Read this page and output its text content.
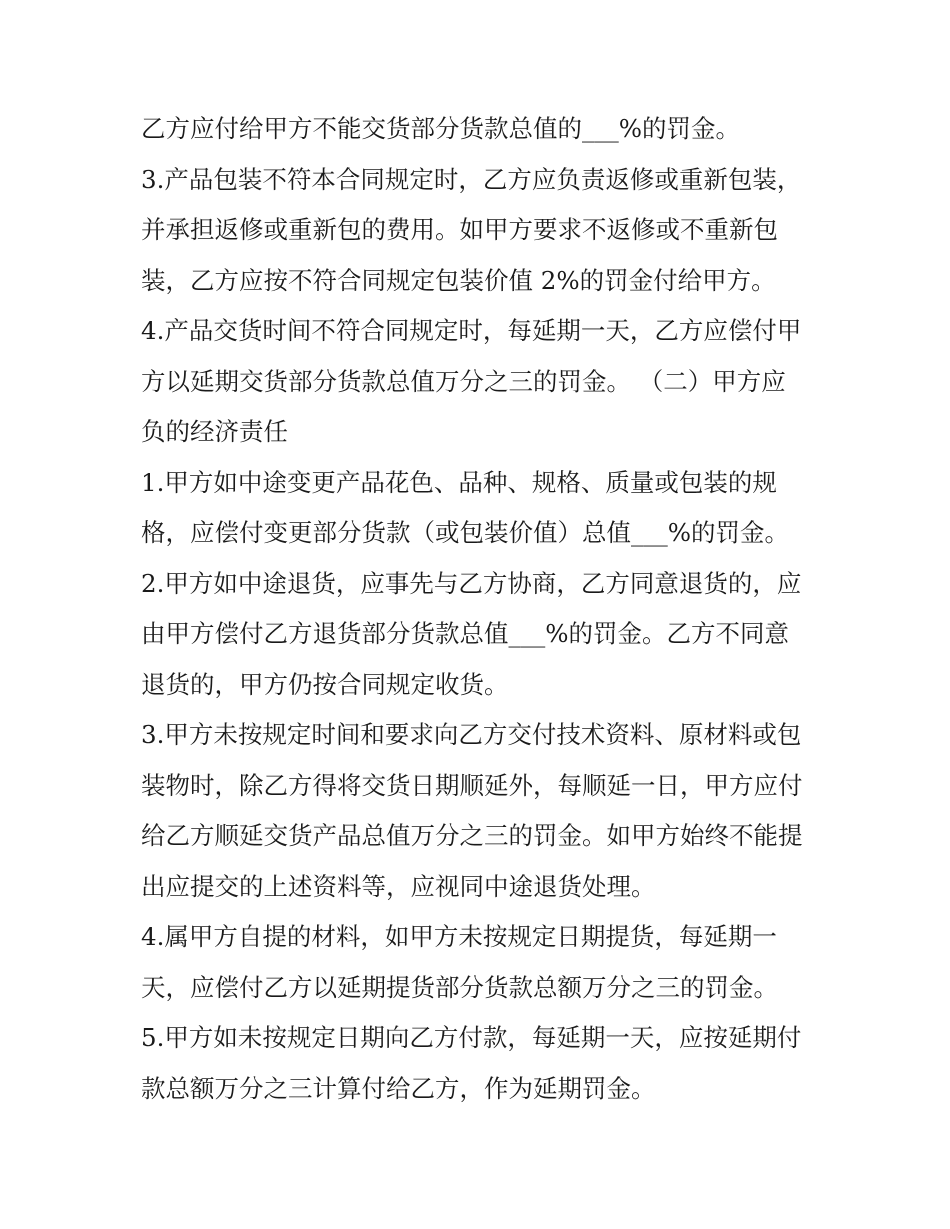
乙方应付给甲方不能交货部分货款总值的___%的罚金。
3.产品包装不符本合同规定时，乙方应负责返修或重新包装，
并承担返修或重新包的费用。如甲方要求不返修或不重新包
装，乙方应按不符合同规定包装价值 2%的罚金付给甲方。
4.产品交货时间不符合同规定时，每延期一天，乙方应偿付甲
方以延期交货部分货款总值万分之三的罚金。 （二）甲方应
负的经济责任
1.甲方如中途变更产品花色、品种、规格、质量或包装的规
格，应偿付变更部分货款（或包装价值）总值___%的罚金。
2.甲方如中途退货，应事先与乙方协商，乙方同意退货的，应
由甲方偿付乙方退货部分货款总值___%的罚金。乙方不同意
退货的，甲方仍按合同规定收货。
3.甲方未按规定时间和要求向乙方交付技术资料、原材料或包
装物时，除乙方得将交货日期顺延外，每顺延一日，甲方应付
给乙方顺延交货产品总值万分之三的罚金。如甲方始终不能提
出应提交的上述资料等，应视同中途退货处理。
4.属甲方自提的材料，如甲方未按规定日期提货，每延期一
天，应偿付乙方以延期提货部分货款总额万分之三的罚金。
5.甲方如未按规定日期向乙方付款，每延期一天，应按延期付
款总额万分之三计算付给乙方，作为延期罚金。
